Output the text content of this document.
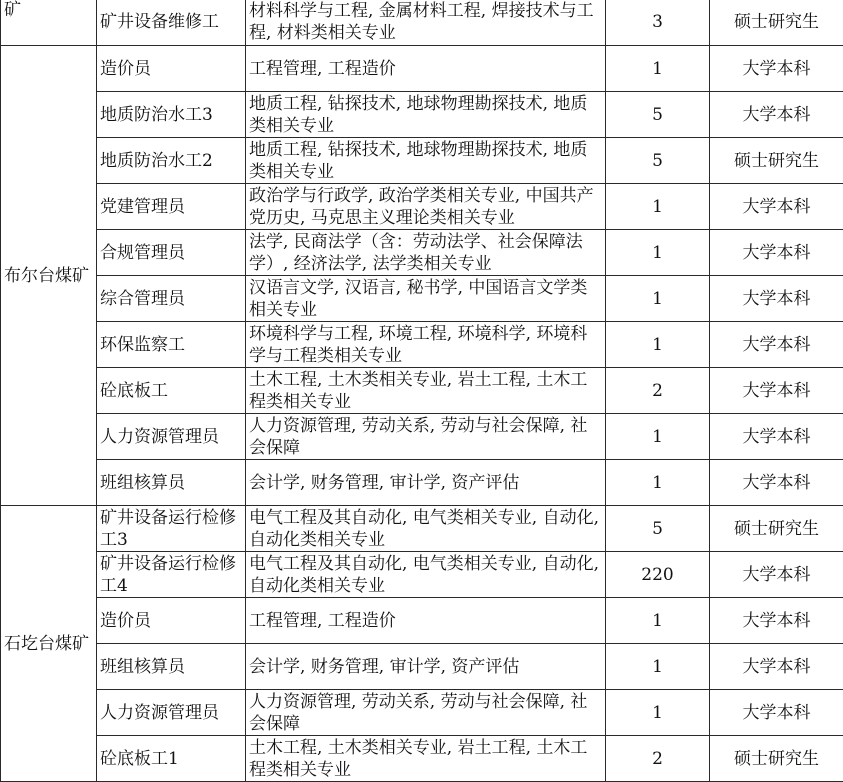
矿	矿井设备维修工	材料科学与工程, 金属材料工程, 焊接技术与工程, 材料类相关专业	3	硕士研究生
布尔台煤矿	造价员	工程管理, 工程造价	1	大学本科
	地质防治水工3	地质工程, 钻探技术, 地球物理勘探技术, 地质类相关专业	5	大学本科
	地质防治水工2	地质工程, 钻探技术, 地球物理勘探技术, 地质类相关专业	5	硕士研究生
	党建管理员	政治学与行政学, 政治学类相关专业, 中国共产党历史, 马克思主义理论类相关专业	1	大学本科
	合规管理员	法学, 民商法学（含：劳动法学、社会保障法学）, 经济法学, 法学类相关专业	1	大学本科
	综合管理员	汉语言文学, 汉语言, 秘书学, 中国语言文学类相关专业	1	大学本科
	环保监察工	环境科学与工程, 环境工程, 环境科学, 环境科学与工程类相关专业	1	大学本科
	砼底板工	土木工程, 土木类相关专业, 岩土工程, 土木工程类相关专业	2	大学本科
	人力资源管理员	人力资源管理, 劳动关系, 劳动与社会保障, 社会保障	1	大学本科
	班组核算员	会计学, 财务管理, 审计学, 资产评估	1	大学本科
石圪台煤矿	矿井设备运行检修工3	电气工程及其自动化, 电气类相关专业, 自动化, 自动化类相关专业	5	硕士研究生
	矿井设备运行检修工4	电气工程及其自动化, 电气类相关专业, 自动化, 自动化类相关专业	220	大学本科
	造价员	工程管理, 工程造价	1	大学本科
	班组核算员	会计学, 财务管理, 审计学, 资产评估	1	大学本科
	人力资源管理员	人力资源管理, 劳动关系, 劳动与社会保障, 社会保障	1	大学本科
	砼底板工1	土木工程, 土木类相关专业, 岩土工程, 土木工程类相关专业	2	硕士研究生
